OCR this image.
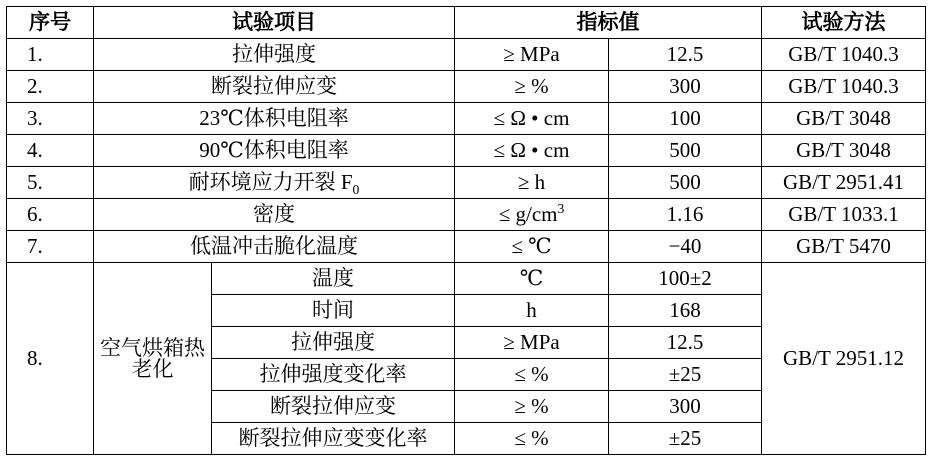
序号	试验项目		指标值		试验方法
1.	拉伸强度		≥ MPa	12.5	GB/T 1040.3
2.	断裂拉伸应变		≥ %	300	GB/T 1040.3
3.	23℃体积电阻率		≤ Ω • cm	100	GB/T 3048
4.	90℃体积电阻率		≤ Ω • cm	500	GB/T 3048
5.	耐环境应力开裂 $F_0$		≥ h	500	GB/T 2951.41
6.	密度		≤ $g/cm^3$	1.16	GB/T 1033.1
7.	低温冲击脆化温度		≤ ℃	−40	GB/T 5470
8.	空气烘箱热老化	温度	℃	100±2	GB/T 2951.12
		时间	h	168	
		拉伸强度	≥ MPa	12.5	
		拉伸强度变化率	≤ %	±25	
		断裂拉伸应变	≥ %	300	
		断裂拉伸应变变化率	≤ %	±25	
